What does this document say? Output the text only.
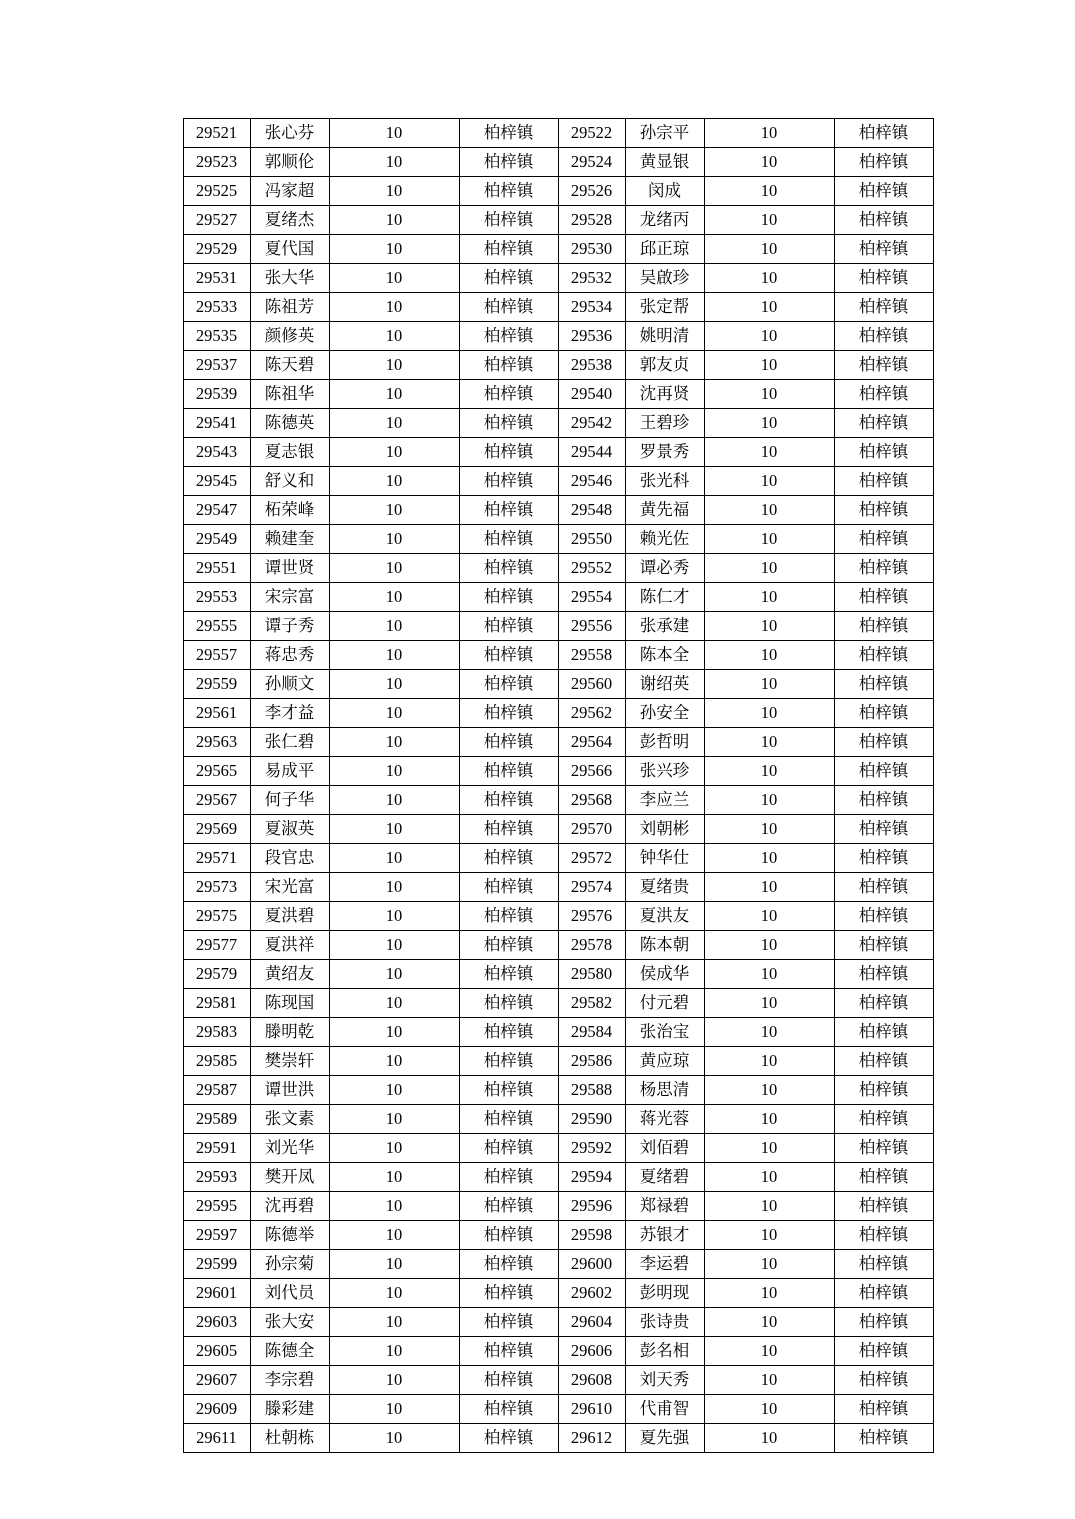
29521	张心芬	10	柏梓镇	29522	孙宗平	10	柏梓镇
29523	郭顺伦	10	柏梓镇	29524	黄显银	10	柏梓镇
29525	冯家超	10	柏梓镇	29526	闵成	10	柏梓镇
29527	夏绪杰	10	柏梓镇	29528	龙绪丙	10	柏梓镇
29529	夏代国	10	柏梓镇	29530	邱正琼	10	柏梓镇
29531	张大华	10	柏梓镇	29532	吴啟珍	10	柏梓镇
29533	陈祖芳	10	柏梓镇	29534	张定帮	10	柏梓镇
29535	颜修英	10	柏梓镇	29536	姚明清	10	柏梓镇
29537	陈天碧	10	柏梓镇	29538	郭友贞	10	柏梓镇
29539	陈祖华	10	柏梓镇	29540	沈再贤	10	柏梓镇
29541	陈德英	10	柏梓镇	29542	王碧珍	10	柏梓镇
29543	夏志银	10	柏梓镇	29544	罗景秀	10	柏梓镇
29545	舒义和	10	柏梓镇	29546	张光科	10	柏梓镇
29547	柘荣峰	10	柏梓镇	29548	黄先福	10	柏梓镇
29549	赖建奎	10	柏梓镇	29550	赖光佐	10	柏梓镇
29551	谭世贤	10	柏梓镇	29552	谭必秀	10	柏梓镇
29553	宋宗富	10	柏梓镇	29554	陈仁才	10	柏梓镇
29555	谭子秀	10	柏梓镇	29556	张承建	10	柏梓镇
29557	蒋忠秀	10	柏梓镇	29558	陈本全	10	柏梓镇
29559	孙顺文	10	柏梓镇	29560	谢绍英	10	柏梓镇
29561	李才益	10	柏梓镇	29562	孙安全	10	柏梓镇
29563	张仁碧	10	柏梓镇	29564	彭哲明	10	柏梓镇
29565	易成平	10	柏梓镇	29566	张兴珍	10	柏梓镇
29567	何子华	10	柏梓镇	29568	李应兰	10	柏梓镇
29569	夏淑英	10	柏梓镇	29570	刘朝彬	10	柏梓镇
29571	段官忠	10	柏梓镇	29572	钟华仕	10	柏梓镇
29573	宋光富	10	柏梓镇	29574	夏绪贵	10	柏梓镇
29575	夏洪碧	10	柏梓镇	29576	夏洪友	10	柏梓镇
29577	夏洪祥	10	柏梓镇	29578	陈本朝	10	柏梓镇
29579	黄绍友	10	柏梓镇	29580	侯成华	10	柏梓镇
29581	陈现国	10	柏梓镇	29582	付元碧	10	柏梓镇
29583	滕明乾	10	柏梓镇	29584	张治宝	10	柏梓镇
29585	樊崇轩	10	柏梓镇	29586	黄应琼	10	柏梓镇
29587	谭世洪	10	柏梓镇	29588	杨思清	10	柏梓镇
29589	张文素	10	柏梓镇	29590	蒋光蓉	10	柏梓镇
29591	刘光华	10	柏梓镇	29592	刘佰碧	10	柏梓镇
29593	樊开凤	10	柏梓镇	29594	夏绪碧	10	柏梓镇
29595	沈再碧	10	柏梓镇	29596	郑禄碧	10	柏梓镇
29597	陈德举	10	柏梓镇	29598	苏银才	10	柏梓镇
29599	孙宗菊	10	柏梓镇	29600	李运碧	10	柏梓镇
29601	刘代员	10	柏梓镇	29602	彭明现	10	柏梓镇
29603	张大安	10	柏梓镇	29604	张诗贵	10	柏梓镇
29605	陈德全	10	柏梓镇	29606	彭名相	10	柏梓镇
29607	李宗碧	10	柏梓镇	29608	刘天秀	10	柏梓镇
29609	滕彩建	10	柏梓镇	29610	代甫智	10	柏梓镇
29611	杜朝栋	10	柏梓镇	29612	夏先强	10	柏梓镇
